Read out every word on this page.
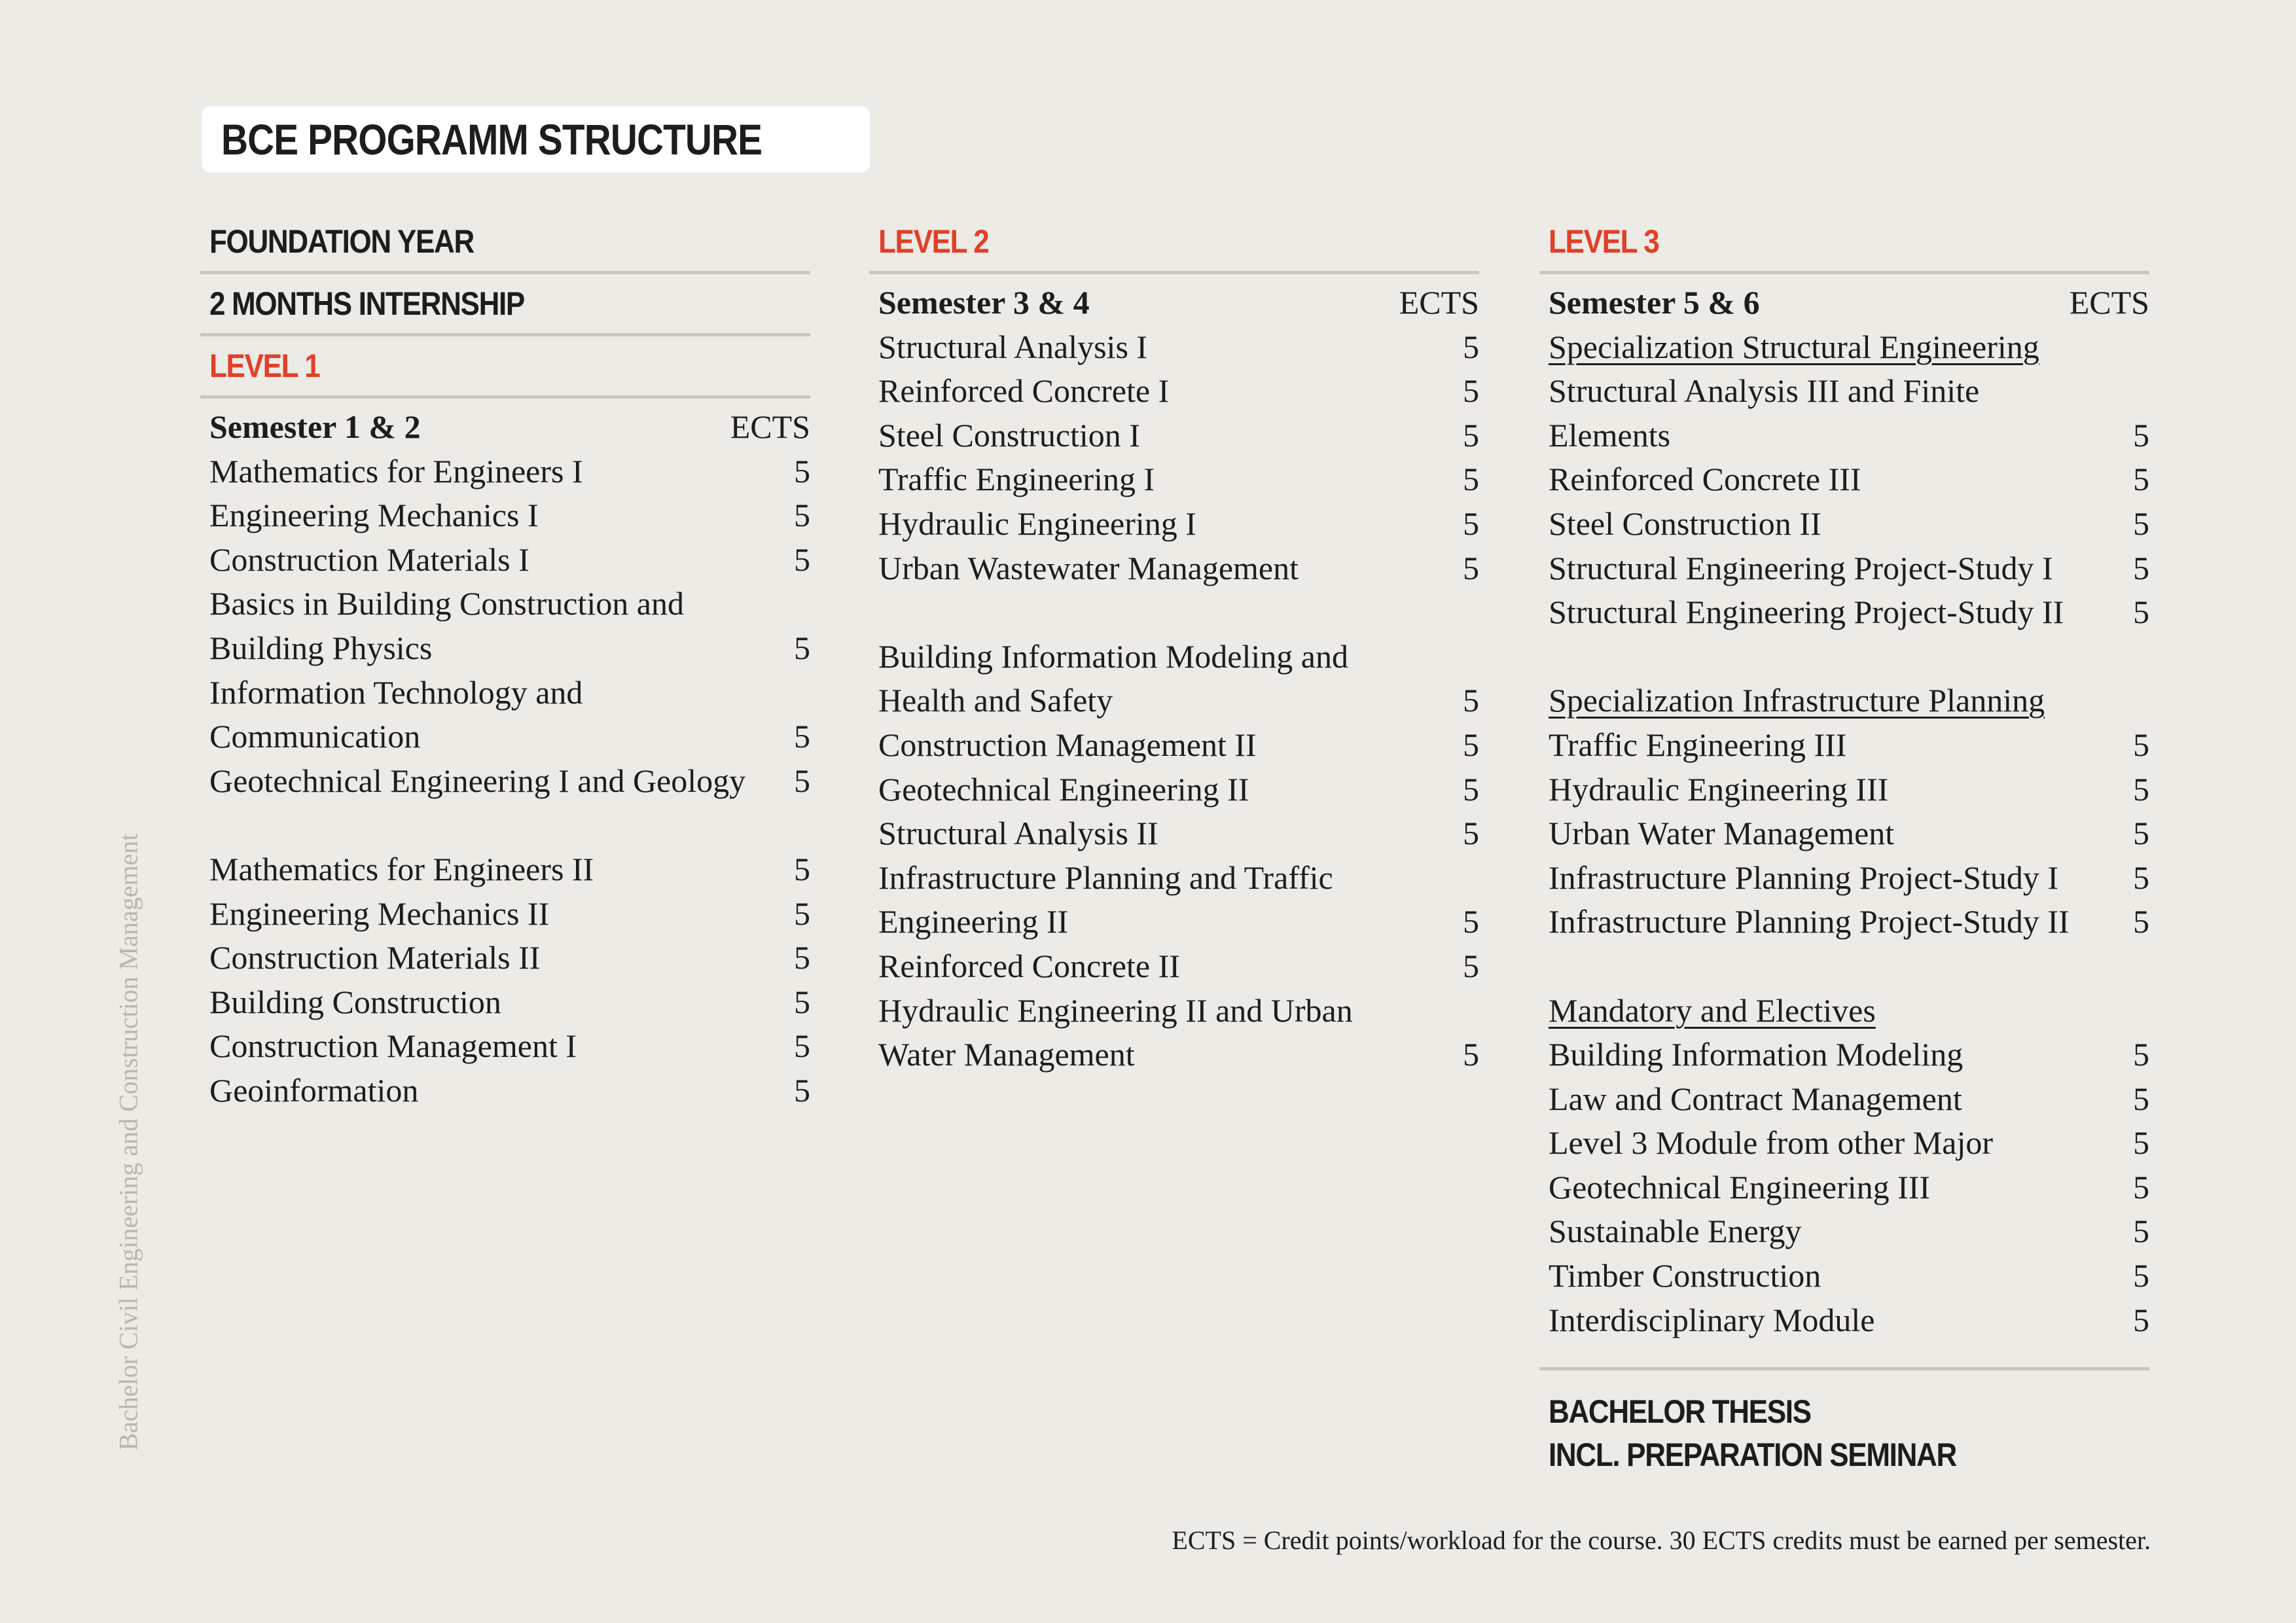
BCE PROGRAMM STRUCTURE
Bachelor Civil Engineering and Construction Management
FOUNDATION YEAR
2 MONTHS INTERNSHIP
LEVEL 1
Semester 1 & 2	ECTS
Mathematics for Engineers I	5
Engineering Mechanics I	5
Construction Materials I	5
Basics in Building Construction and Building Physics	5
Information Technology and Communication	5
Geotechnical Engineering I and Geology	5
Mathematics for Engineers II	5
Engineering Mechanics II	5
Construction Materials II	5
Building Construction	5
Construction Management I	5
Geoinformation	5
LEVEL 2
Semester 3 & 4	ECTS
Structural Analysis I	5
Reinforced Concrete I	5
Steel Construction I	5
Traffic Engineering I	5
Hydraulic Engineering I	5
Urban Wastewater Management	5
Building Information Modeling and Health and Safety	5
Construction Management II	5
Geotechnical Engineering II	5
Structural Analysis II	5
Infrastructure Planning and Traffic Engineering II	5
Reinforced Concrete II	5
Hydraulic Engineering II and Urban Water Management	5
LEVEL 3
Semester 5 & 6	ECTS
Specialization Structural Engineering
Structural Analysis III and Finite Elements	5
Reinforced Concrete III	5
Steel Construction II	5
Structural Engineering Project-Study I	5
Structural Engineering Project-Study II	5
Specialization Infrastructure Planning
Traffic Engineering III	5
Hydraulic Engineering III	5
Urban Water Management	5
Infrastructure Planning Project-Study I	5
Infrastructure Planning Project-Study II	5
Mandatory and Electives
Building Information Modeling	5
Law and Contract Management	5
Level 3 Module from other Major	5
Geotechnical Engineering III	5
Sustainable Energy	5
Timber Construction	5
Interdisciplinary Module	5
BACHELOR THESIS
INCL. PREPARATION SEMINAR
ECTS = Credit points/workload for the course. 30 ECTS credits must be earned per semester.
